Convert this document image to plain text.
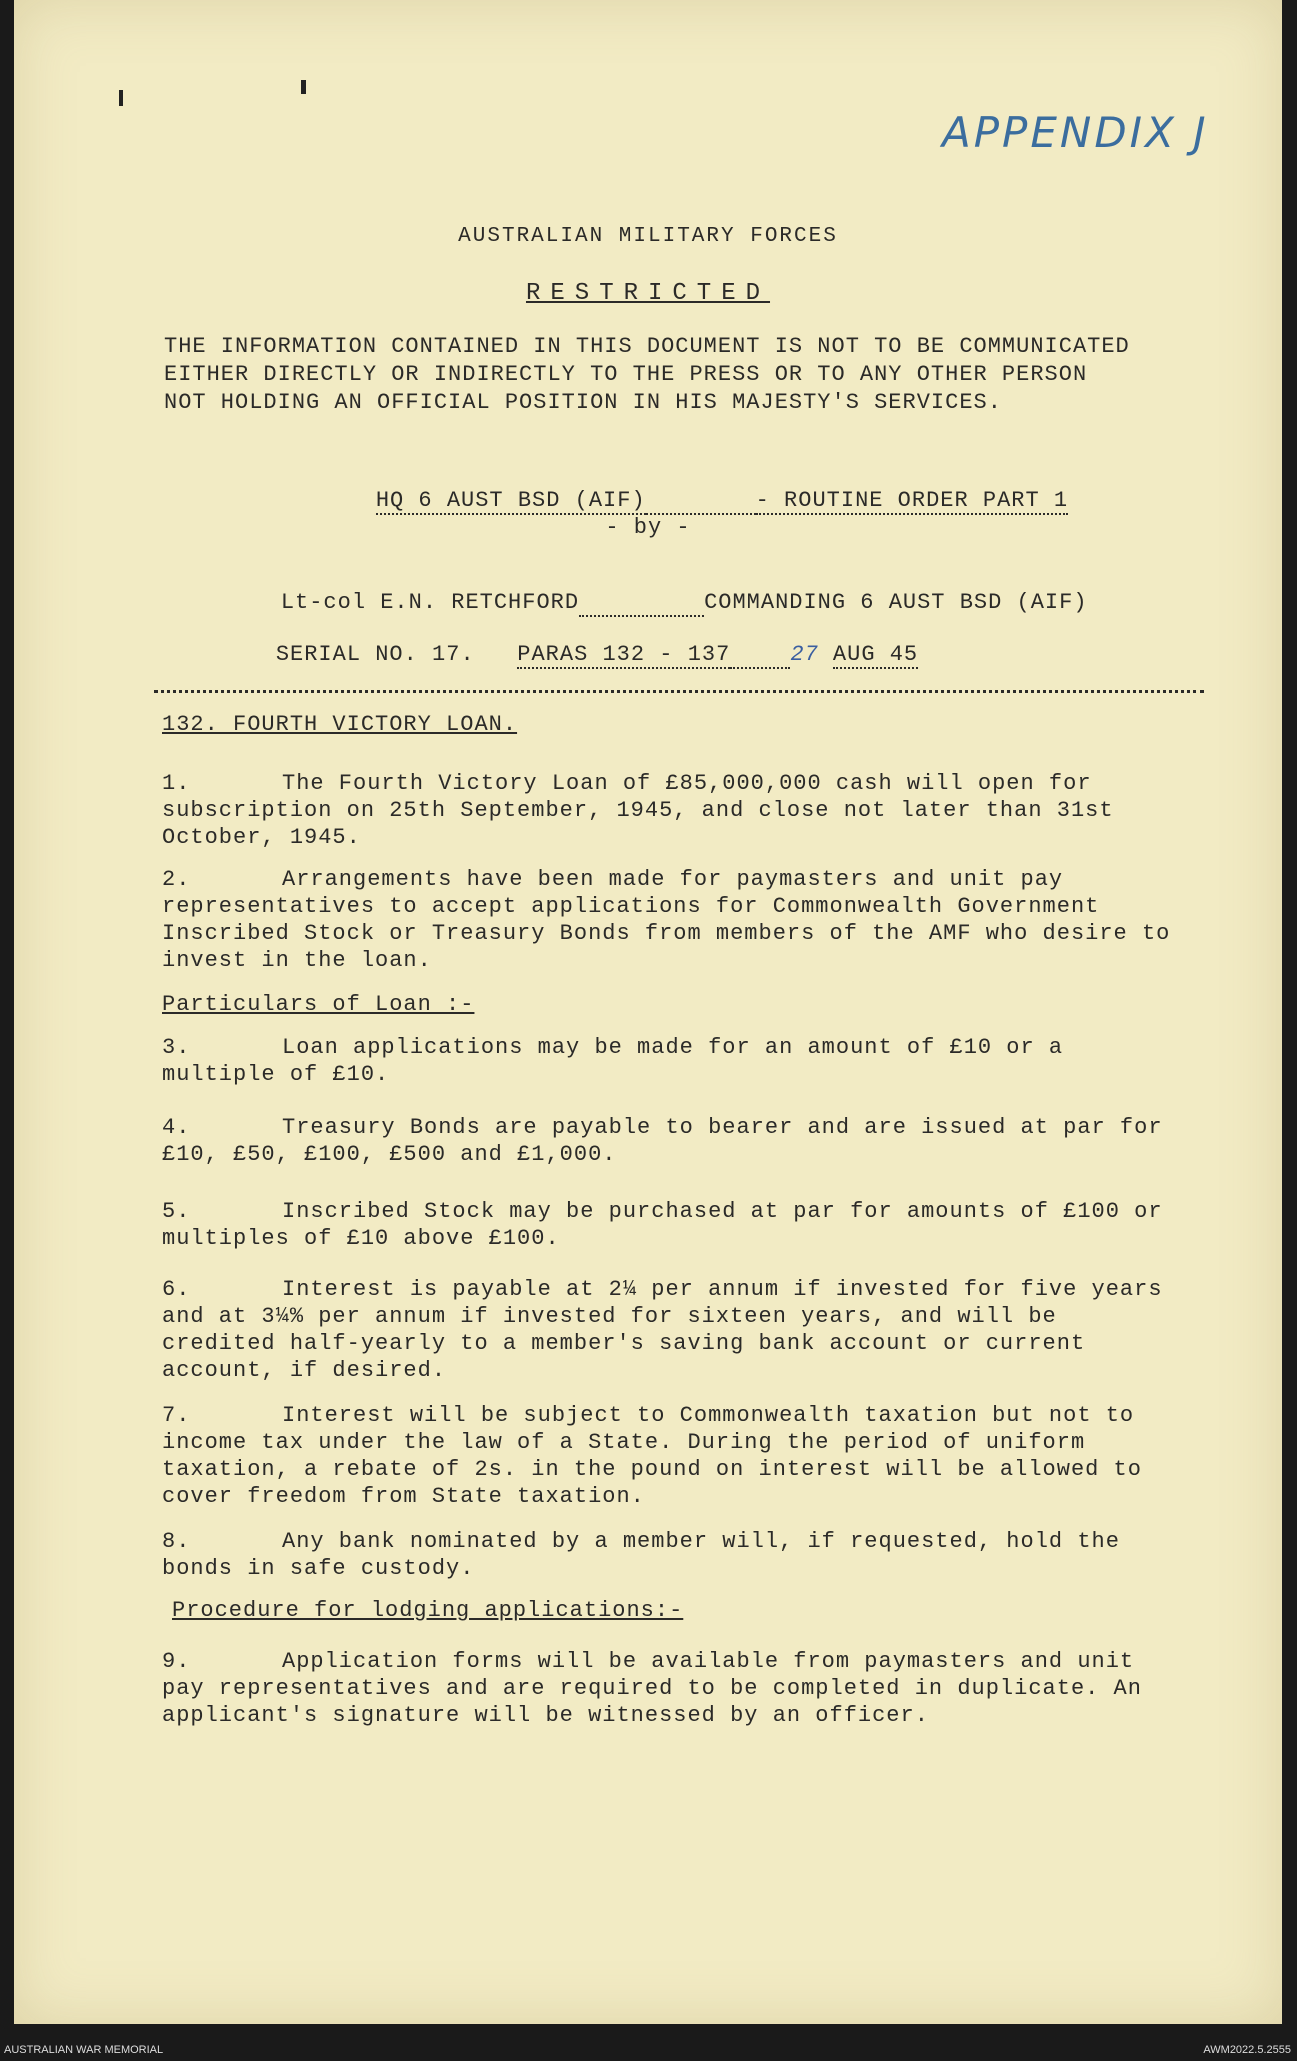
APPENDIX J
AUSTRALIAN MILITARY FORCES
RESTRICTED
THE INFORMATION CONTAINED IN THIS DOCUMENT IS NOT TO BE COMMUNICATED
EITHER DIRECTLY OR INDIRECTLY TO THE PRESS OR TO ANY OTHER PERSON
NOT HOLDING AN OFFICIAL POSITION IN HIS MAJESTY'S SERVICES.

HQ 6 AUST BSD (AIF)	- ROUTINE ORDER PART 1

- by -

Lt-col E.N. RETCHFORD	COMMANDING 6 AUST BSD (AIF)

SERIAL NO. 17. PARAS 132 - 137	27 AUG 45

132. FOURTH VICTORY LOAN.
1.	The Fourth Victory Loan of £85,000,000 cash will open for subscription on 25th September, 1945, and close not later than 31st October, 1945.
2.	Arrangements have been made for paymasters and unit pay representatives to accept applications for Commonwealth Government Inscribed Stock or Treasury Bonds from members of the AMF who desire to invest in the loan.
Particulars of Loan :-
3.	Loan applications may be made for an amount of £10 or a multiple of £10.
4.	Treasury Bonds are payable to bearer and are issued at par for £10, £50, £100, £500 and £1,000.
5.	Inscribed Stock may be purchased at par for amounts of £100 or multiples of £10 above £100.
6.	Interest is payable at 2¼ per annum if invested for five years and at 3¼% per annum if invested for sixteen years, and will be credited half-yearly to a member's saving bank account or current account, if desired.
7.	Interest will be subject to Commonwealth taxation but not to income tax under the law of a State. During the period of uniform taxation, a rebate of 2s. in the pound on interest will be allowed to cover freedom from State taxation.
8.	Any bank nominated by a member will, if requested, hold the bonds in safe custody.
Procedure for lodging applications:-
9.	Application forms will be available from paymasters and unit pay representatives and are required to be completed in duplicate. An applicant's signature will be witnessed by an officer.
AUSTRALIAN WAR MEMORIAL	AWM2022.5.2555
